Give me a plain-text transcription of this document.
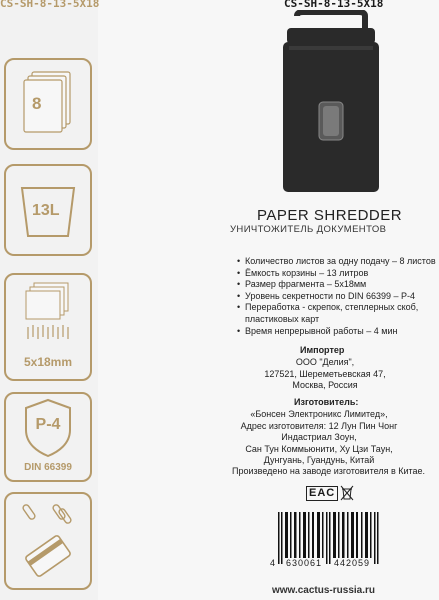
CS-SH-8-13-5X18	CS-SH-8-13-5X18
8
13L
5x18mm
P-4
DIN 66399
PAPER SHREDDER
УНИЧТОЖИТЕЛЬ ДОКУМЕНТОВ
• Количество листов за одну подачу – 8 листов
• Ёмкость корзины – 13 литров
• Размер фрагмента – 5x18мм
• Уровень секретности по DIN 66399 – P-4
• Переработка - скрепок, степлерных скоб, пластиковых карт
• Время непрерывной работы – 4 мин
Импортер
ООО "Делия",
127521, Шереметьевская 47,
Москва, Россия
Изготовитель:
«Бонсен Электроникс Лимитед»,
Адрес изготовителя: 12 Лун Пин Чонг
Индастриал Зоун,
Сан Тун Коммьюнити, Ху Цзи Таун,
Дунгуань, Гуандунь, Китай
Произведено на заводе изготовителя в Китае.
EAC
4 630061 442059
www.cactus-russia.ru
